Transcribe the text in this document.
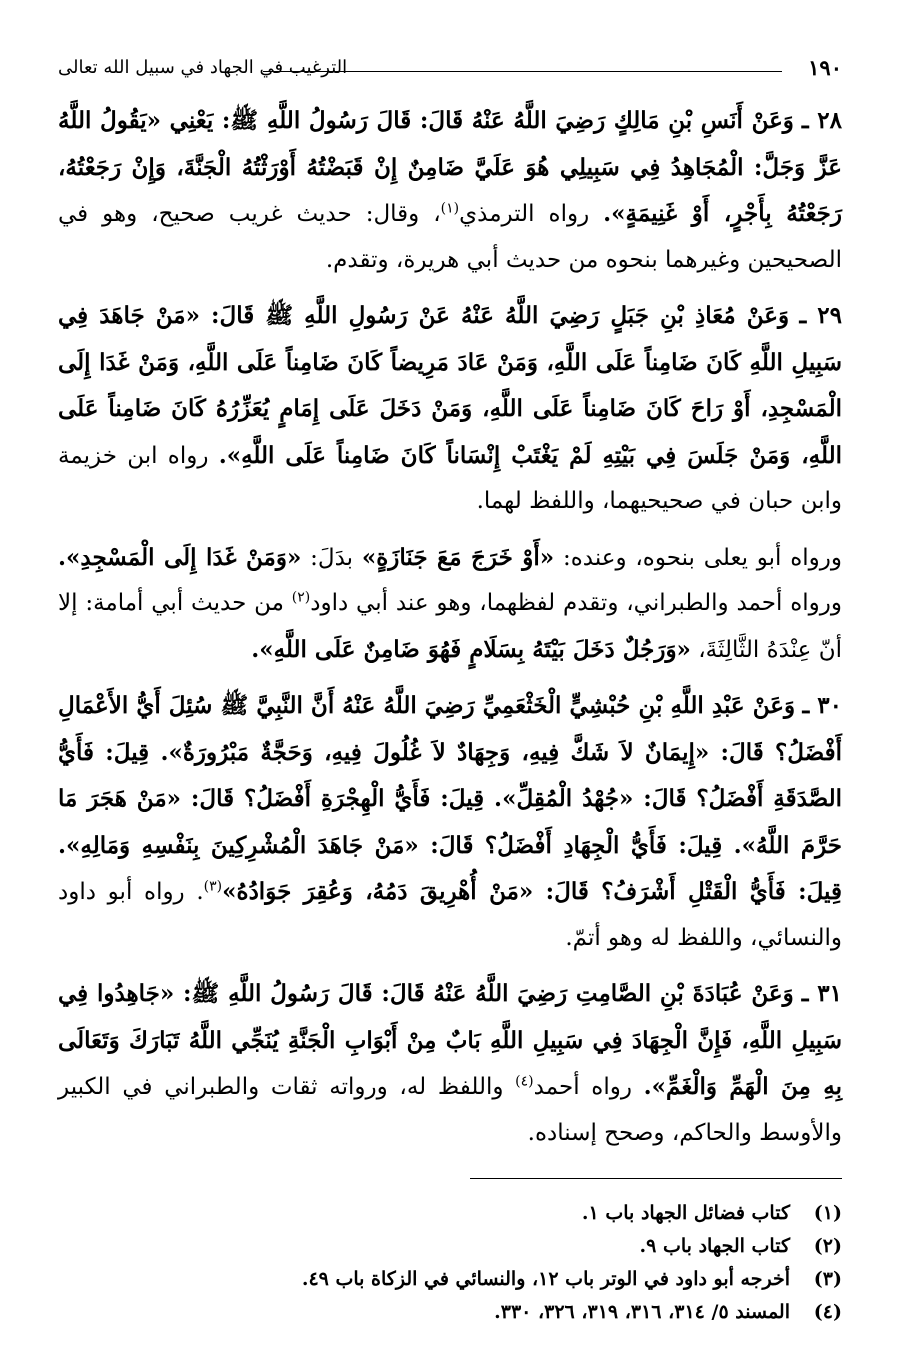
١٩٠
الترغيب في الجهاد في سبيل الله تعالى

٢٨ ـ وَعَنْ أَنَسِ بْنِ مَالِكٍ رَضِيَ اللَّهُ عَنْهُ قَالَ: قَالَ رَسُولُ اللَّهِ ﷺ: يَعْنِي «يَقُولُ اللَّهُ عَزَّ وَجَلَّ: الْمُجَاهِدُ فِي سَبِيلِي هُوَ عَلَيَّ ضَامِنٌ إِنْ قَبَضْتُهُ أَوْرَثْتُهُ الْجَنَّةَ، وَإِنْ رَجَعْتُهُ، رَجَعْتُهُ بِأَجْرٍ، أَوْ غَنِيمَةٍ». رواه الترمذي$^{(١)}$، وقال: حديث غريب صحيح، وهو في الصحيحين وغيرهما بنحوه من حديث أبي هريرة، وتقدم.

٢٩ ـ وَعَنْ مُعَاذِ بْنِ جَبَلٍ رَضِيَ اللَّهُ عَنْهُ عَنْ رَسُولِ اللَّهِ ﷺ قَالَ: «مَنْ جَاهَدَ فِي سَبِيلِ اللَّهِ كَانَ ضَامِناً عَلَى اللَّهِ، وَمَنْ عَادَ مَرِيضاً كَانَ ضَامِناً عَلَى اللَّهِ، وَمَنْ غَدَا إِلَى الْمَسْجِدِ، أَوْ رَاحَ كَانَ ضَامِناً عَلَى اللَّهِ، وَمَنْ دَخَلَ عَلَى إِمَامٍ يُعَزِّرُهُ كَانَ ضَامِناً عَلَى اللَّهِ، وَمَنْ جَلَسَ فِي بَيْتِهِ لَمْ يَغْتَبْ إِنْسَاناً كَانَ ضَامِناً عَلَى اللَّهِ». رواه ابن خزيمة وابن حبان في صحيحيهما، واللفظ لهما.

ورواه أبو يعلى بنحوه، وعنده: «أَوْ خَرَجَ مَعَ جَنَازَةٍ» بدَلَ: «وَمَنْ غَدَا إِلَى الْمَسْجِدِ». ورواه أحمد والطبراني، وتقدم لفظهما، وهو عند أبي داود$^{(٢)}$ من حديث أبي أمامة: إلا أنّ عِنْدَهُ الثَّالِثَةَ، «وَرَجُلٌ دَخَلَ بَيْتَهُ بِسَلَامٍ فَهُوَ ضَامِنٌ عَلَى اللَّهِ».

٣٠ ـ وَعَنْ عَبْدِ اللَّهِ بْنِ حُبْشِيٍّ الْخَثْعَمِيِّ رَضِيَ اللَّهُ عَنْهُ أَنَّ النَّبِيَّ ﷺ سُئِلَ أَيُّ الأَعْمَالِ أَفْضَلُ؟ قَالَ: «إِيمَانٌ لاَ شَكَّ فِيهِ، وَجِهَادٌ لاَ غُلُولَ فِيهِ، وَحَجَّةٌ مَبْرُورَةٌ». قِيلَ: فَأَيُّ الصَّدَقَةِ أَفْضَلُ؟ قَالَ: «جُهْدُ الْمُقِلِّ». قِيلَ: فَأَيُّ الْهِجْرَةِ أَفْضَلُ؟ قَالَ: «مَنْ هَجَرَ مَا حَرَّمَ اللَّهُ». قِيلَ: فَأَيُّ الْجِهَادِ أَفْضَلُ؟ قَالَ: «مَنْ جَاهَدَ الْمُشْرِكِينَ بِنَفْسِهِ وَمَالِهِ». قِيلَ: فَأَيُّ الْقَتْلِ أَشْرَفُ؟ قَالَ: «مَنْ أُهْرِيقَ دَمُهُ، وَعُقِرَ جَوَادُهُ»$^{(٣)}$. رواه أبو داود والنسائي، واللفظ له وهو أتمّ.

٣١ ـ وَعَنْ عُبَادَةَ بْنِ الصَّامِتِ رَضِيَ اللَّهُ عَنْهُ قَالَ: قَالَ رَسُولُ اللَّهِ ﷺ: «جَاهِدُوا فِي سَبِيلِ اللَّهِ، فَإِنَّ الْجِهَادَ فِي سَبِيلِ اللَّهِ بَابٌ مِنْ أَبْوَابِ الْجَنَّةِ يُنَجِّي اللَّهُ تَبَارَكَ وَتَعَالَى بِهِ مِنَ الْهَمِّ وَالْغَمِّ». رواه أحمد$^{(٤)}$ واللفظ له، ورواته ثقات والطبراني في الكبير والأوسط والحاكم، وصحح إسناده.

(١)
كتاب فضائل الجهاد باب ١.
(٢)
كتاب الجهاد باب ٩.
(٣)
أخرجه أبو داود في الوتر باب ١٢، والنسائي في الزكاة باب ٤٩.
(٤)
المسند ٥/ ٣١٤، ٣١٦، ٣١٩، ٣٢٦، ٣٣٠.
